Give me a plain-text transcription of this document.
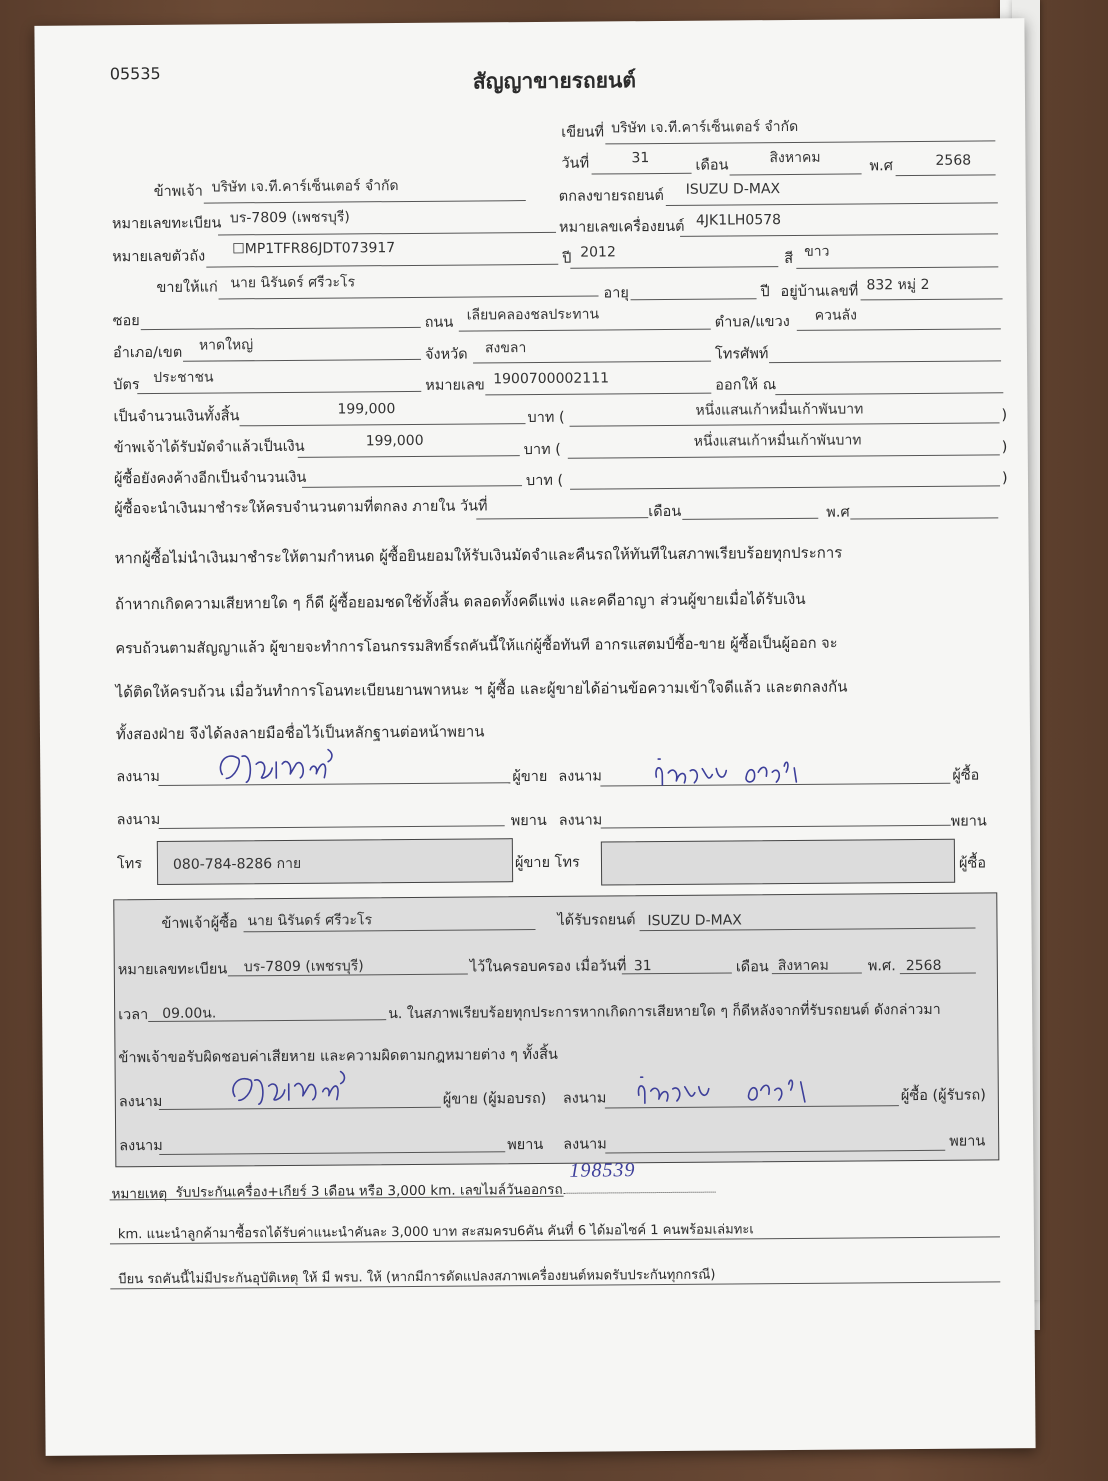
05535	สัญญาขายรถยนต์
เขียนที่ บริษัท เจ.ที.คาร์เซ็นเตอร์ จำกัด
วันที่	31	เดือน	สิงหาคม
พ.ศ	2568
ข้าพเจ้า บริษัท เจ.ที.คาร์เซ็นเตอร์ จำกัด
ตกลงขายรถยนต์ ISUZU D-MAX
หมายเลขทะเบียน บร-7809 (เพชรบุรี)
หมายเลขเครื่องยนต์ 4JK1LH0578
หมายเลขตัวถัง ☐MP1TFR86JDT073917
ปี 2012	สี ขาว
ขายให้แก่ นาย นิรันดร์ ศรีวะโร
อายุ	ปี อยู่บ้านเลขที่ 832 หมู่ 2
ซอย	ถนน เลียบคลองชลประทาน	ตำบล/แขวง ควนลัง
อำเภอ/เขต หาดใหญ่
จังหวัด สงขลา	โทรศัพท์
บัตร ประชาชน	หมายเลข 1900700002111	ออกให้ ณ
เป็นจำนวนเงินทั้งสิ้น	199,000
บาท (	หนึ่งแสนเก้าหมื่นเก้าพันบาท	)
ข้าพเจ้าได้รับมัดจำแล้วเป็นเงิน	199,000
บาท (
หนึ่งแสนเก้าหมื่นเก้าพันบาท	)
ผู้ซื้อยังคงค้างอีกเป็นจำนวนเงิน	บาท (	)
ผู้ซื้อจะนำเงินมาชำระให้ครบจำนวนตามที่ตกลง ภายใน วันที่	เดือน	พ.ศ
หากผู้ซื้อไม่นำเงินมาชำระให้ตามกำหนด ผู้ซื้อยินยอมให้รับเงินมัดจำและคืนรถให้ทันทีในสภาพเรียบร้อยทุกประการ
ถ้าหากเกิดความเสียหายใด ๆ ก็ดี ผู้ซื้อยอมชดใช้ทั้งสิ้น ตลอดทั้งคดีแพ่ง และคดีอาญา ส่วนผู้ขายเมื่อได้รับเงิน
ครบถ้วนตามสัญญาแล้ว ผู้ขายจะทำการโอนกรรมสิทธิ์รถคันนี้ให้แก่ผู้ซื้อทันที อากรแสตมป์ซื้อ-ขาย ผู้ซื้อเป็นผู้ออก จะ
ได้ติดให้ครบถ้วน เมื่อวันทำการโอนทะเบียนยานพาหนะ ฯ ผู้ซื้อ และผู้ขายได้อ่านข้อความเข้าใจดีแล้ว และตกลงกัน
ทั้งสองฝ่าย จึงได้ลงลายมือชื่อไว้เป็นหลักฐานต่อหน้าพยาน
ลงนาม	ผู้ขาย ลงนาม	ผู้ซื้อ
ลงนาม	พยาน ลงนาม	พยาน
โทร 080-784-8286 กาย	ผู้ขาย โทร	ผู้ซื้อ
ข้าพเจ้าผู้ซื้อ นาย นิรันดร์ ศรีวะโร	ได้รับรถยนต์ ISUZU D-MAX
หมายเลขทะเบียน บร-7809 (เพชรบุรี)	ไว้ในครอบครอง เมื่อวันที่ 31	เดือน สิงหาคม	พ.ศ. 2568
เวลา 09.00น.	น. ในสภาพเรียบร้อยทุกประการหากเกิดการเสียหายใด ๆ ก็ดีหลังจากที่รับรถยนต์ ดังกล่าวมา
ข้าพเจ้าขอรับผิดชอบค่าเสียหาย และความผิดตามกฎหมายต่าง ๆ ทั้งสิ้น
ลงนาม	ผู้ขาย (ผู้มอบรถ) ลงนาม	ผู้ซื้อ (ผู้รับรถ)
ลงนาม	พยาน ลงนาม	พยาน
หมายเหตุ รับประกันเครื่อง+เกียร์ 3 เดือน หรือ 3,000 km. เลขไมล์วันออกรถ
198539
km. แนะนำลูกค้ามาซื้อรถได้รับค่าแนะนำคันละ 3,000 บาท สะสมครบ6คัน คันที่ 6 ได้มอไซค์ 1 คนพร้อมเล่มทะเ
บียน รถคันนี้ไม่มีประกันอุบัติเหตุ ให้ มี พรบ. ให้ (หากมีการดัดแปลงสภาพเครื่องยนต์หมดรับประกันทุกกรณี)
